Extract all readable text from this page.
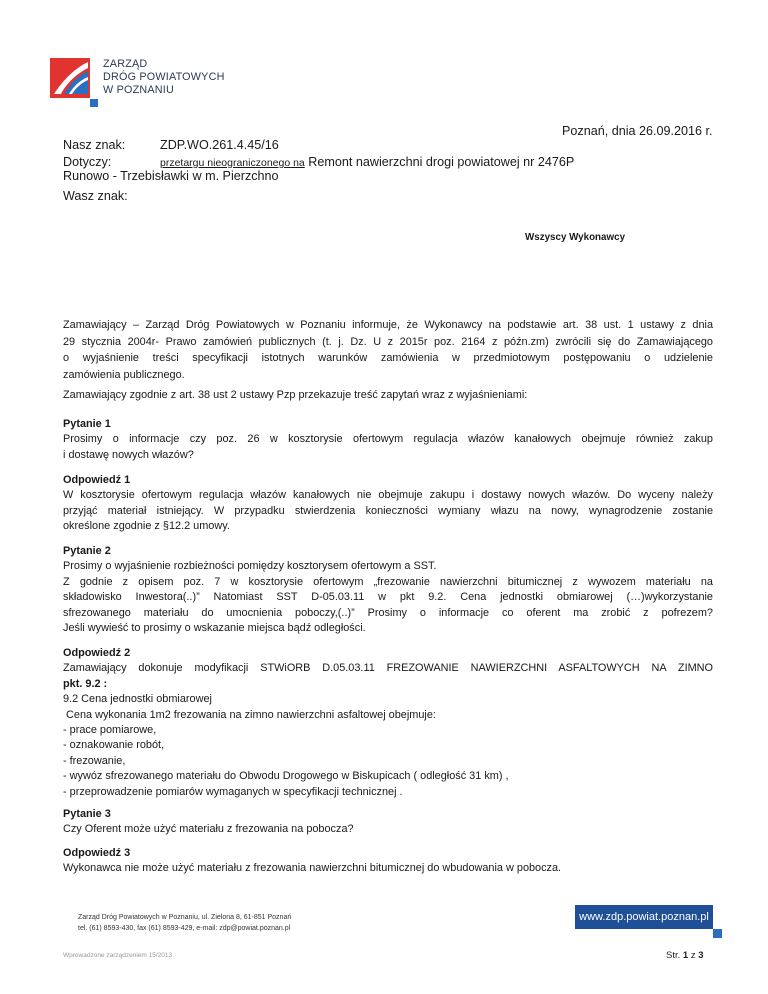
ZARZĄD
DRÓG POWIATOWYCH
W POZNANIU
Poznań, dnia 26.09.2016 r.
Nasz znak:	ZDP.WO.261.4.45/16
Dotyczy:	przetargu nieograniczonego na Remont nawierzchni drogi powiatowej nr 2476P
Runowo - Trzebisławki w m. Pierzchno
Wasz znak:
Wszyscy Wykonawcy
Zamawiający – Zarząd Dróg Powiatowych w Poznaniu informuje, że Wykonawcy na podstawie art. 38 ust. 1 ustawy z dnia
29 stycznia 2004r- Prawo zamówień publicznych (t. j. Dz. U z 2015r poz. 2164 z późn.zm) zwrócili się do Zamawiającego
o wyjaśnienie treści specyfikacji istotnych warunków zamówienia w przedmiotowym postępowaniu o udzielenie
zamówienia publicznego.
Zamawiający zgodnie z art. 38 ust 2 ustawy Pzp przekazuje treść zapytań wraz z wyjaśnieniami:
Pytanie 1
Prosimy o informacje czy poz. 26 w kosztorysie ofertowym regulacja włazów kanałowych obejmuje również zakup
i dostawę nowych włazów?
Odpowiedź 1
W kosztorysie ofertowym regulacja włazów kanałowych nie obejmuje zakupu i dostawy nowych włazów. Do wyceny należy
przyjąć materiał istniejący. W przypadku stwierdzenia konieczności wymiany włazu na nowy, wynagrodzenie zostanie
określone zgodnie z §12.2 umowy.
Pytanie 2
Prosimy o wyjaśnienie rozbieżności pomiędzy kosztorysem ofertowym a SST.
Z godnie z opisem poz. 7 w kosztorysie ofertowym „frezowanie nawierzchni bitumicznej z wywozem materiału na
składowisko Inwestora(..)” Natomiast SST D-05.03.11 w pkt 9.2. Cena jednostki obmiarowej (…)wykorzystanie
sfrezowanego materiału do umocnienia poboczy,(..)” Prosimy o informacje co oferent ma zrobić z pofrezem?
Jeśli wywieść to prosimy o wskazanie miejsca bądź odległości.
Odpowiedź 2
Zamawiający dokonuje modyfikacji STWiORB D.05.03.11 FREZOWANIE NAWIERZCHNI ASFALTOWYCH NA ZIMNO
pkt. 9.2 :
9.2 Cena jednostki obmiarowej
Cena wykonania 1m2 frezowania na zimno nawierzchni asfaltowej obejmuje:
- prace pomiarowe,
- oznakowanie robót,
- frezowanie,
- wywóz sfrezowanego materiału do Obwodu Drogowego w Biskupicach ( odległość 31 km) ,
- przeprowadzenie pomiarów wymaganych w specyfikacji technicznej .
Pytanie 3
Czy Oferent może użyć materiału z frezowania na pobocza?
Odpowiedź 3
Wykonawca nie może użyć materiału z frezowania nawierzchni bitumicznej do wbudowania w pobocza.
Zarząd Dróg Powiatowych w Poznaniu, ul. Zielona 8, 61-851 Poznań
tel. (61) 8593-430, fax (61) 8593-429, e-mail: zdp@powiat.poznan.pl
www.zdp.powiat.poznan.pl
Wprowadzone zarządzeniem 15/2013	Str. 1 z 3
